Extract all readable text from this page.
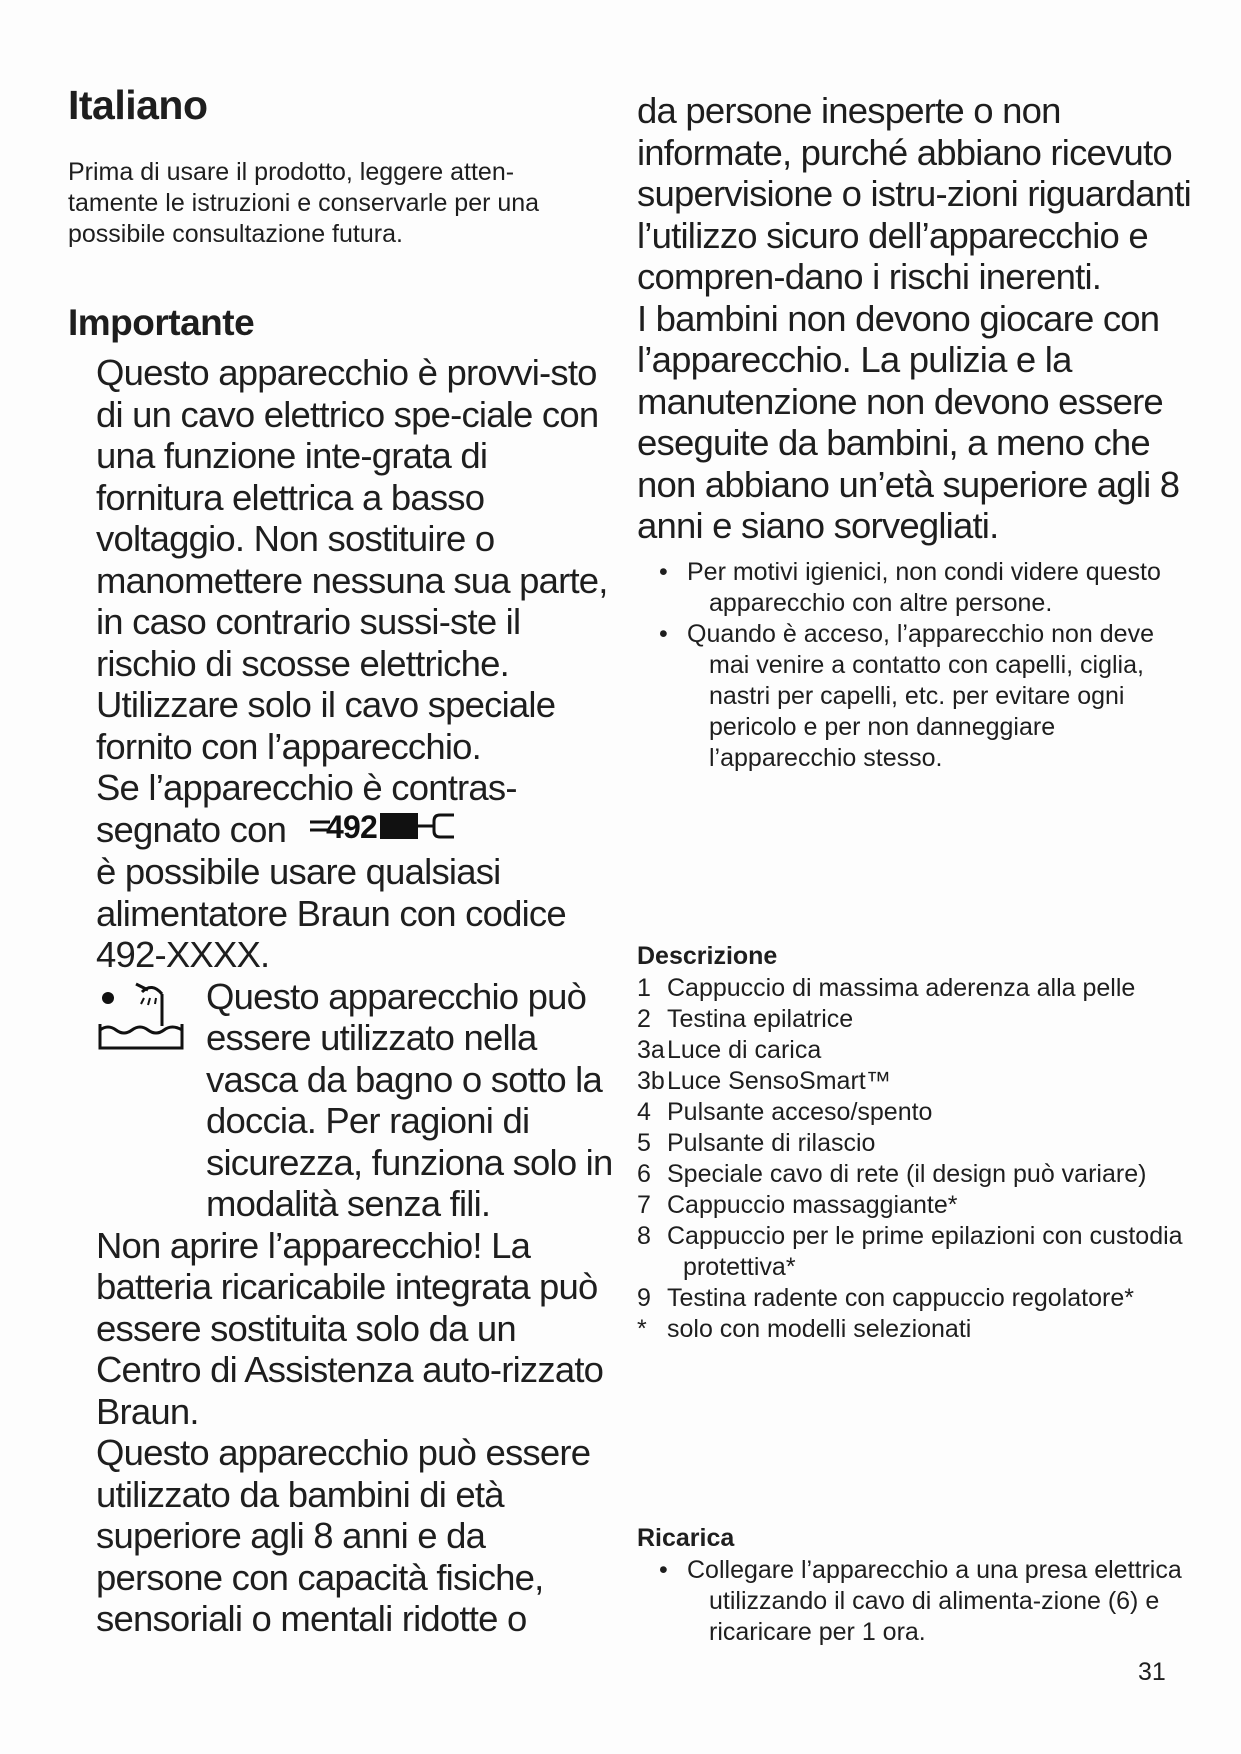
Italiano

Prima di usare il prodotto, leggere atten-tamente le istruzioni e conservarle per una possibile consultazione futura.

Importante

Questo apparecchio è provvi-sto di un cavo elettrico spe-ciale con una funzione inte-grata di fornitura elettrica a basso voltaggio. Non sostituire o manomettere nessuna sua parte, in caso contrario sussi-ste il rischio di scosse elettriche.

Utilizzare solo il cavo speciale fornito con l’apparecchio.

Se l’apparecchio è contras-

segnato con 492

è possibile usare qualsiasi alimentatore Braun con codice 492-XXXX.

Questo apparecchio può essere utilizzato nella vasca da bagno o sotto la doccia. Per ragioni di sicurezza, funziona solo in modalità senza fili.

Non aprire l’apparecchio! La batteria ricaricabile integrata può essere sostituita solo da un Centro di Assistenza auto-rizzato Braun.

Questo apparecchio può essere utilizzato da bambini di età superiore agli 8 anni e da persone con capacità fisiche, sensoriali o mentali ridotte o

da persone inesperte o non informate, purché abbiano ricevuto supervisione o istru-zioni riguardanti l’utilizzo sicuro dell’apparecchio e compren-dano i rischi inerenti.

I bambini non devono giocare con l’apparecchio. La pulizia e la manutenzione non devono essere eseguite da bambini, a meno che non abbiano un’età superiore agli 8 anni e siano sorvegliati.

• Per motivi igienici, non condi videre questo apparecchio con altre persone.
• Quando è acceso, l’apparecchio non deve mai venire a contatto con capelli, ciglia, nastri per capelli, etc. per evitare ogni pericolo e per non danneggiare l’apparecchio stesso.
Descrizione
1 Cappuccio di massima aderenza alla pelle
2 Testina epilatrice
3a Luce di carica
3b Luce SensoSmart™
4 Pulsante acceso/spento
5 Pulsante di rilascio
6 Speciale cavo di rete (il design può variare)
7 Cappuccio massaggiante*
8 Cappuccio per le prime epilazioni con custodia protettiva*
9 Testina radente con cappuccio regolatore*
* solo con modelli selezionati
Ricarica
• Collegare l’apparecchio a una presa elettrica utilizzando il cavo di alimenta-zione (6) e ricaricare per 1 ora.
31
